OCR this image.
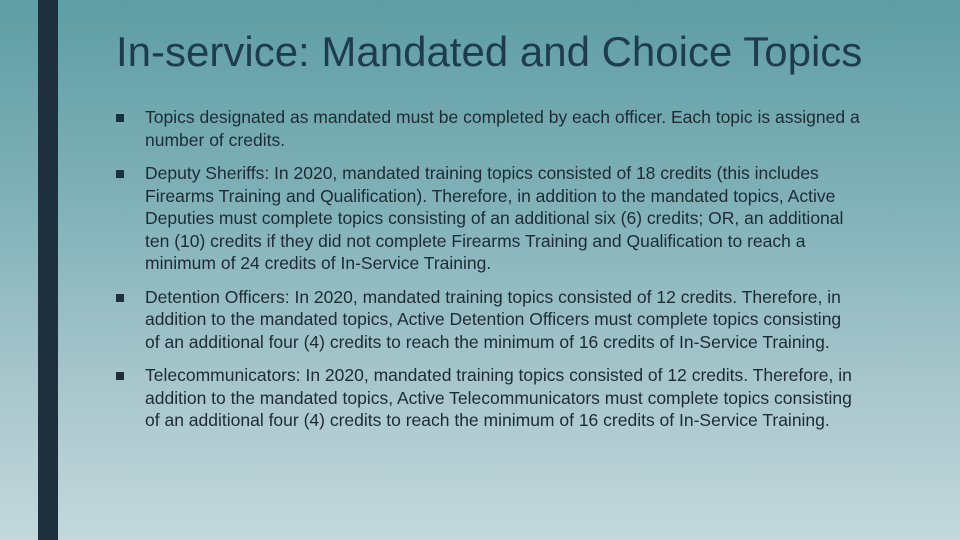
In-service: Mandated and Choice Topics
Topics designated as mandated must be completed by each officer. Each topic is assigned a number of credits.
Deputy Sheriffs: In 2020, mandated training topics consisted of 18 credits (this includes Firearms Training and Qualification). Therefore, in addition to the mandated topics, Active Deputies must complete topics consisting of an additional six (6) credits; OR, an additional ten (10) credits if they did not complete Firearms Training and Qualification to reach a minimum of 24 credits of In-Service Training.
Detention Officers: In 2020, mandated training topics consisted of 12 credits. Therefore, in addition to the mandated topics, Active Detention Officers must complete topics consisting of an additional four (4) credits to reach the minimum of 16 credits of In-Service Training.
Telecommunicators: In 2020, mandated training topics consisted of 12 credits. Therefore, in addition to the mandated topics, Active Telecommunicators must complete topics consisting of an additional four (4) credits to reach the minimum of 16 credits of In-Service Training.
